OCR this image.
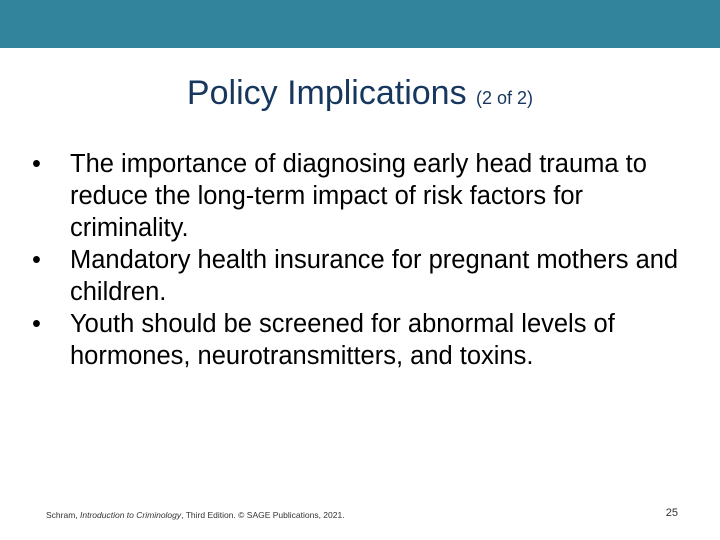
Policy Implications (2 of 2)
• The importance of diagnosing early head trauma to reduce the long-term impact of risk factors for criminality.
• Mandatory health insurance for pregnant mothers and children.
• Youth should be screened for abnormal levels of hormones, neurotransmitters, and toxins.
Schram, Introduction to Criminology, Third Edition. © SAGE Publications, 2021.	25
